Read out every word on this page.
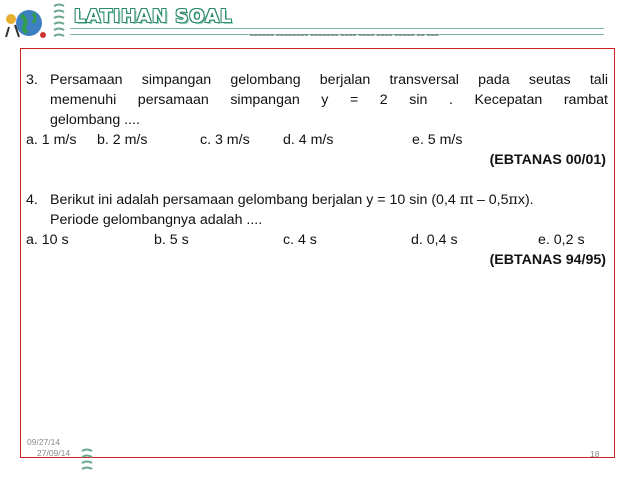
LATIHAN SOAL
══════ ════════ ═══════ ════ ════ ════ ═════ ══ ═══
3. Persamaan simpangan gelombang berjalan transversal pada seutas tali
memenuhi persamaan simpangan y = 2 sin . Kecepatan rambat
gelombang ....
a. 1 m/s b. 2 m/s	c. 3 m/s d. 4 m/s	e. 5 m/s
(EBTANAS 00/01)
4. Berikut ini adalah persamaan gelombang berjalan y = 10 sin (0,4 πt – 0,5πx).
Periode gelombangnya adalah ....
a. 10 s	b. 5 s	c. 4 s	d. 0,4 s	e. 0,2 s
(EBTANAS 94/95)
09/27/14
27/09/14	18
